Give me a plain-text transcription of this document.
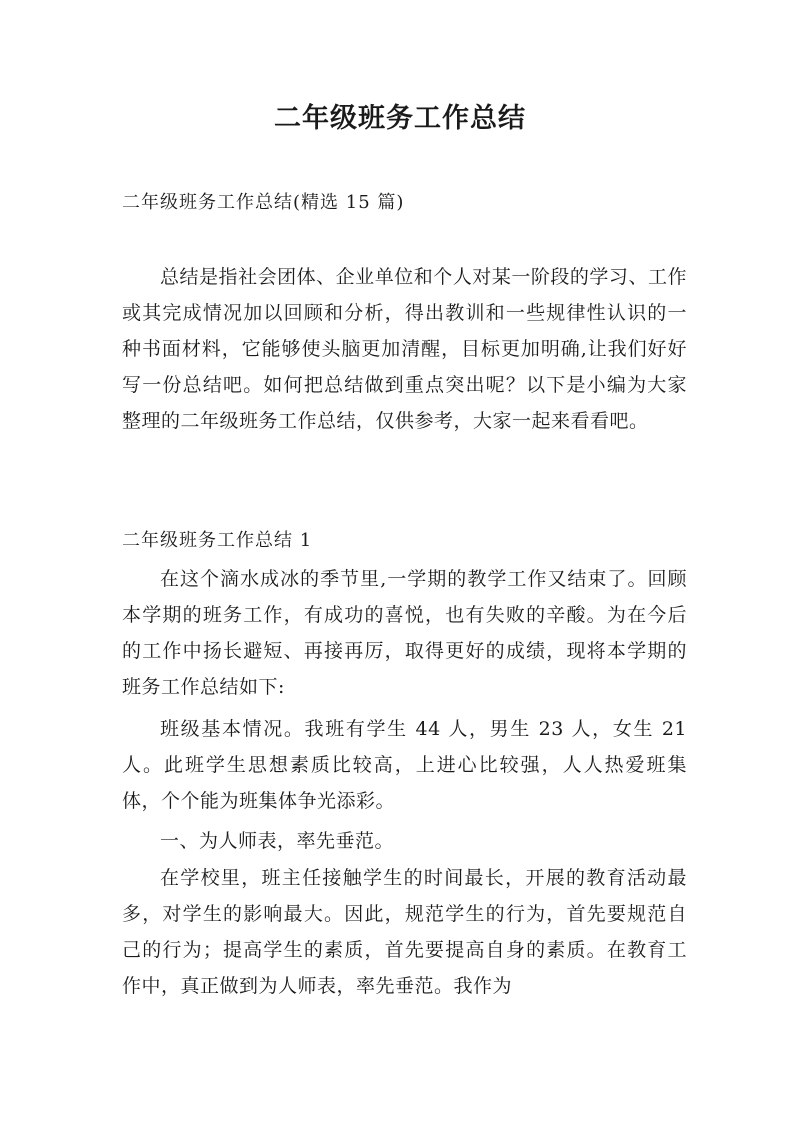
二年级班务工作总结
二年级班务工作总结(精选 15 篇)
总结是指社会团体、企业单位和个人对某一阶段的学习、工作或其完成情况加以回顾和分析，得出教训和一些规律性认识的一种书面材料，它能够使头脑更加清醒，目标更加明确,让我们好好写一份总结吧。如何把总结做到重点突出呢？以下是小编为大家整理的二年级班务工作总结，仅供参考，大家一起来看看吧。
二年级班务工作总结 1
在这个滴水成冰的季节里,一学期的教学工作又结束了。回顾本学期的班务工作，有成功的喜悦，也有失败的辛酸。为在今后的工作中扬长避短、再接再厉，取得更好的成绩，现将本学期的班务工作总结如下:
班级基本情况。我班有学生 44 人，男生 23 人，女生 21 人。此班学生思想素质比较高，上进心比较强，人人热爱班集体，个个能为班集体争光添彩。
一、为人师表，率先垂范。
在学校里，班主任接触学生的时间最长，开展的教育活动最多，对学生的影响最大。因此，规范学生的行为，首先要规范自己的行为；提高学生的素质，首先要提高自身的素质。在教育工作中，真正做到为人师表，率先垂范。我作为
